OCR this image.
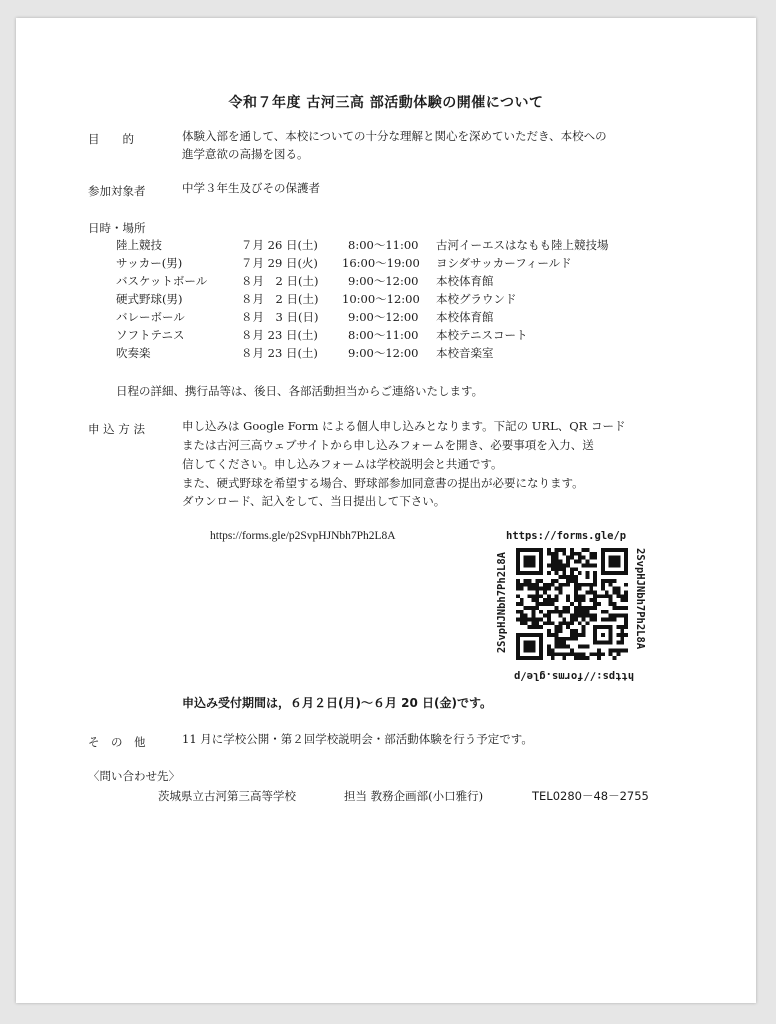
令和７年度 古河三高 部活動体験の開催について
目　　的	体験入部を通して、本校についての十分な理解と関心を深めていただき、本校への
進学意欲の高揚を図る。
参加対象者	中学３年生及びその保護者
日時・場所
陸上競技	７月 26 日(土)	8:00～11:00 古河イーエスはなもも陸上競技場
サッカー(男)	７月 29 日(火) 16:00～19:00 ヨシダサッカーフィールド
バスケットボール	８月　2 日(土)	9:00～12:00 本校体育館
硬式野球(男)	８月　2 日(土) 10:00～12:00 本校グラウンド
バレーボール	８月　3 日(日)	9:00～12:00 本校体育館
ソフトテニス	８月 23 日(土)	8:00～11:00 本校テニスコート
吹奏楽	８月 23 日(土)	9:00～12:00 本校音楽室
日程の詳細、携行品等は、後日、各部活動担当からご連絡いたします。
申 込 方 法	申し込みは Google Form による個人申し込みとなります。下記の URL、QR コード
または古河三高ウェブサイトから申し込みフォームを開き、必要事項を入力、送
信してください。申し込みフォームは学校説明会と共通です。
また、硬式野球を希望する場合、野球部参加同意書の提出が必要になります。
ダウンロード、記入をして、当日提出して下さい。
https://forms.gle/p2SvpHJNbh7Ph2L8A	https://forms.gle/p
2SvpHJNbh7Ph2L8A
https://forms.gle/p
2SvpHJNbh7Ph2L8A
申込み受付期間は，６月２日(月)～６月 20 日(金)です。
そ　の　他	11 月に学校公開・第２回学校説明会・部活動体験を行う予定です。
〈問い合わせ先〉
茨城県立古河第三高等学校	担当 教務企画部(小口雅行)	TEL0280－48－2755
